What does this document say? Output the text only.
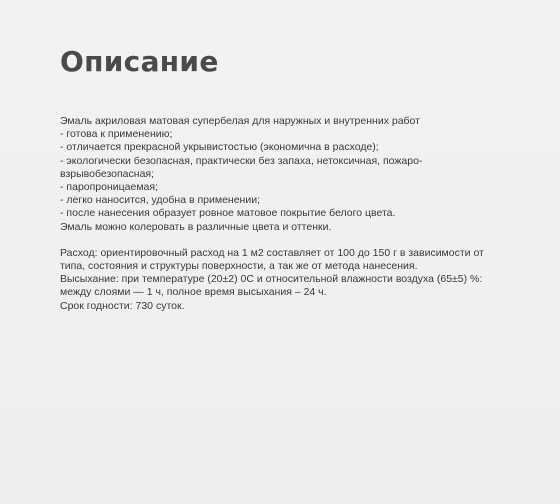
Описание
Эмаль акриловая матовая супербелая для наружных и внутренних работ
- готова к применению;
- отличается прекрасной укрывистостью (экономична в расходе);
- экологически безопасная, практически без запаха, нетоксичная, пожаро-
взрывобезопасная;
- паропроницаемая;
- легко наносится, удобна в применении;
- после нанесения образует ровное матовое покрытие белого цвета.
Эмаль можно колеровать в различные цвета и оттенки.
Расход: ориентировочный расход на 1 м2 составляет от 100 до 150 г в зависимости от
типа, состояния и структуры поверхности, а так же от метода нанесения.
Высыхание: при температуре (20±2) 0С и относительной влажности воздуха (65±5) %:
между слоями — 1 ч, полное время высыхания – 24 ч.
Срок годности: 730 суток.
